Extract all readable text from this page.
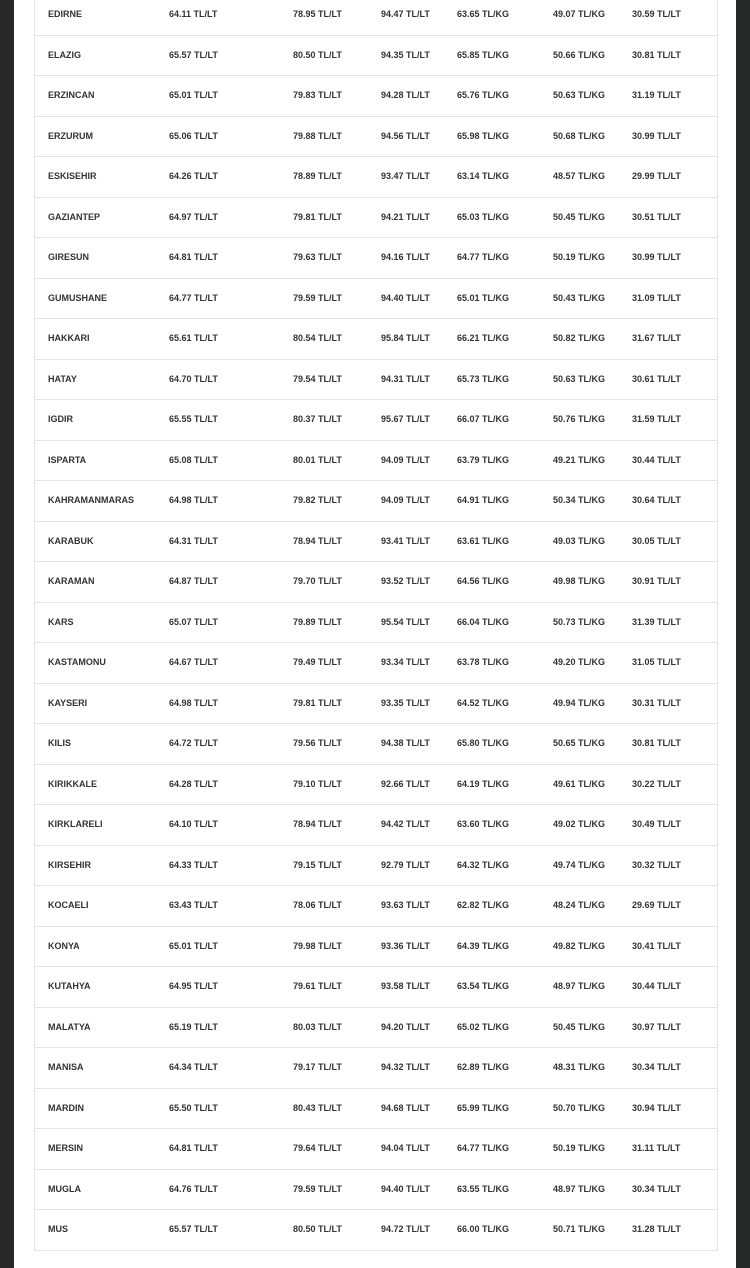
EDIRNE	64.11 TL/LT	78.95 TL/LT	94.47 TL/LT	63.65 TL/KG	49.07 TL/KG	30.59 TL/LT
ELAZIG	65.57 TL/LT	80.50 TL/LT	94.35 TL/LT	65.85 TL/KG	50.66 TL/KG	30.81 TL/LT
ERZINCAN	65.01 TL/LT	79.83 TL/LT	94.28 TL/LT	65.76 TL/KG	50.63 TL/KG	31.19 TL/LT
ERZURUM	65.06 TL/LT	79.88 TL/LT	94.56 TL/LT	65.98 TL/KG	50.68 TL/KG	30.99 TL/LT
ESKISEHIR	64.26 TL/LT	78.89 TL/LT	93.47 TL/LT	63.14 TL/KG	48.57 TL/KG	29.99 TL/LT
GAZIANTEP	64.97 TL/LT	79.81 TL/LT	94.21 TL/LT	65.03 TL/KG	50.45 TL/KG	30.51 TL/LT
GIRESUN	64.81 TL/LT	79.63 TL/LT	94.16 TL/LT	64.77 TL/KG	50.19 TL/KG	30.99 TL/LT
GUMUSHANE	64.77 TL/LT	79.59 TL/LT	94.40 TL/LT	65.01 TL/KG	50.43 TL/KG	31.09 TL/LT
HAKKARI	65.61 TL/LT	80.54 TL/LT	95.84 TL/LT	66.21 TL/KG	50.82 TL/KG	31.67 TL/LT
HATAY	64.70 TL/LT	79.54 TL/LT	94.31 TL/LT	65.73 TL/KG	50.63 TL/KG	30.61 TL/LT
IGDIR	65.55 TL/LT	80.37 TL/LT	95.67 TL/LT	66.07 TL/KG	50.76 TL/KG	31.59 TL/LT
ISPARTA	65.08 TL/LT	80.01 TL/LT	94.09 TL/LT	63.79 TL/KG	49.21 TL/KG	30.44 TL/LT
KAHRAMANMARAS	64.98 TL/LT	79.82 TL/LT	94.09 TL/LT	64.91 TL/KG	50.34 TL/KG	30.64 TL/LT
KARABUK	64.31 TL/LT	78.94 TL/LT	93.41 TL/LT	63.61 TL/KG	49.03 TL/KG	30.05 TL/LT
KARAMAN	64.87 TL/LT	79.70 TL/LT	93.52 TL/LT	64.56 TL/KG	49.98 TL/KG	30.91 TL/LT
KARS	65.07 TL/LT	79.89 TL/LT	95.54 TL/LT	66.04 TL/KG	50.73 TL/KG	31.39 TL/LT
KASTAMONU	64.67 TL/LT	79.49 TL/LT	93.34 TL/LT	63.78 TL/KG	49.20 TL/KG	31.05 TL/LT
KAYSERI	64.98 TL/LT	79.81 TL/LT	93.35 TL/LT	64.52 TL/KG	49.94 TL/KG	30.31 TL/LT
KILIS	64.72 TL/LT	79.56 TL/LT	94.38 TL/LT	65.80 TL/KG	50.65 TL/KG	30.81 TL/LT
KIRIKKALE	64.28 TL/LT	79.10 TL/LT	92.66 TL/LT	64.19 TL/KG	49.61 TL/KG	30.22 TL/LT
KIRKLARELI	64.10 TL/LT	78.94 TL/LT	94.42 TL/LT	63.60 TL/KG	49.02 TL/KG	30.49 TL/LT
KIRSEHIR	64.33 TL/LT	79.15 TL/LT	92.79 TL/LT	64.32 TL/KG	49.74 TL/KG	30.32 TL/LT
KOCAELI	63.43 TL/LT	78.06 TL/LT	93.63 TL/LT	62.82 TL/KG	48.24 TL/KG	29.69 TL/LT
KONYA	65.01 TL/LT	79.98 TL/LT	93.36 TL/LT	64.39 TL/KG	49.82 TL/KG	30.41 TL/LT
KUTAHYA	64.95 TL/LT	79.61 TL/LT	93.58 TL/LT	63.54 TL/KG	48.97 TL/KG	30.44 TL/LT
MALATYA	65.19 TL/LT	80.03 TL/LT	94.20 TL/LT	65.02 TL/KG	50.45 TL/KG	30.97 TL/LT
MANISA	64.34 TL/LT	79.17 TL/LT	94.32 TL/LT	62.89 TL/KG	48.31 TL/KG	30.34 TL/LT
MARDIN	65.50 TL/LT	80.43 TL/LT	94.68 TL/LT	65.99 TL/KG	50.70 TL/KG	30.94 TL/LT
MERSIN	64.81 TL/LT	79.64 TL/LT	94.04 TL/LT	64.77 TL/KG	50.19 TL/KG	31.11 TL/LT
MUGLA	64.76 TL/LT	79.59 TL/LT	94.40 TL/LT	63.55 TL/KG	48.97 TL/KG	30.34 TL/LT
MUS	65.57 TL/LT	80.50 TL/LT	94.72 TL/LT	66.00 TL/KG	50.71 TL/KG	31.28 TL/LT
